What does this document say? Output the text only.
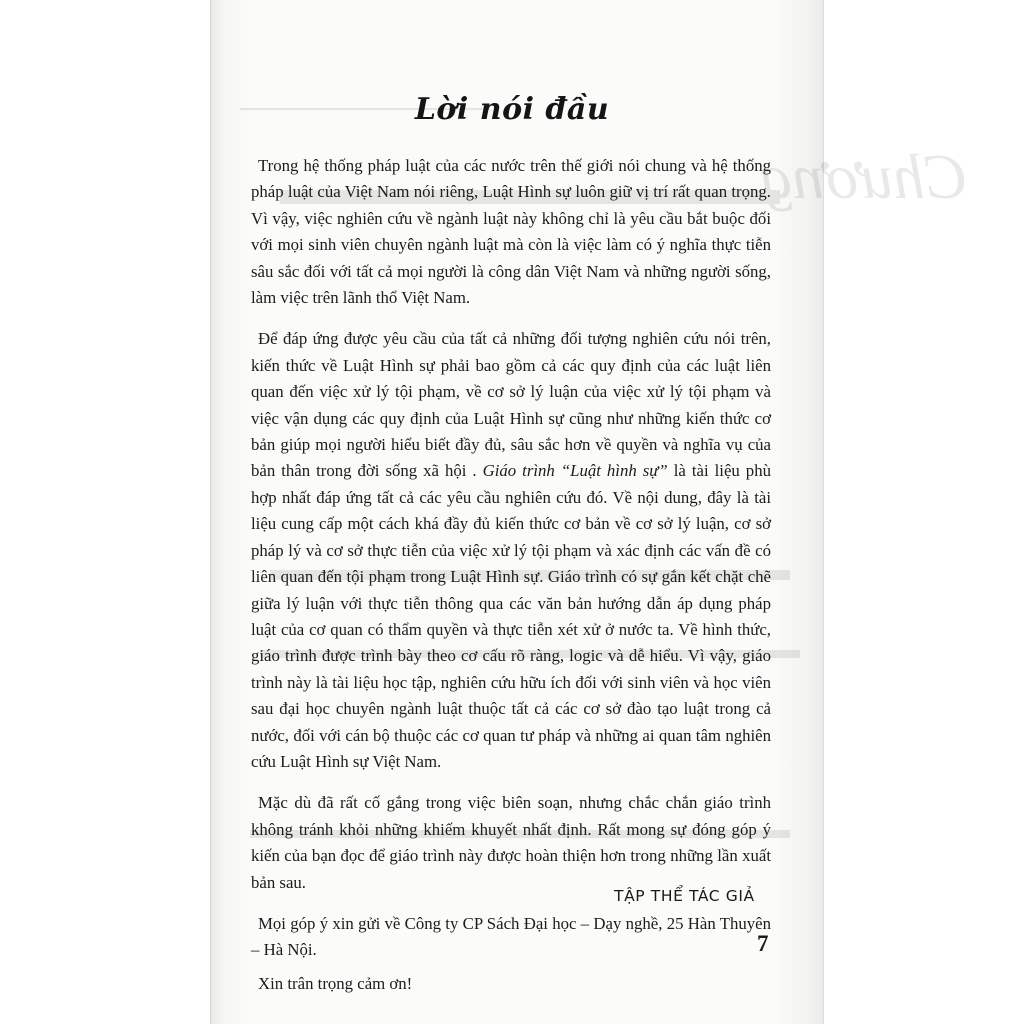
Chương
Lời nói đầu

Trong hệ thống pháp luật của các nước trên thế giới nói chung và hệ thống pháp luật của Việt Nam nói riêng, Luật Hình sự luôn giữ vị trí rất quan trọng. Vì vậy, việc nghiên cứu về ngành luật này không chỉ là yêu cầu bắt buộc đối với mọi sinh viên chuyên ngành luật mà còn là việc làm có ý nghĩa thực tiễn sâu sắc đối với tất cả mọi người là công dân Việt Nam và những người sống, làm việc trên lãnh thổ Việt Nam.

Để đáp ứng được yêu cầu của tất cả những đối tượng nghiên cứu nói trên, kiến thức về Luật Hình sự phải bao gồm cả các quy định của các luật liên quan đến việc xử lý tội phạm, về cơ sở lý luận của việc xử lý tội phạm và việc vận dụng các quy định của Luật Hình sự cũng như những kiến thức cơ bản giúp mọi người hiểu biết đầy đủ, sâu sắc hơn về quyền và nghĩa vụ của bản thân trong đời sống xã hội . Giáo trình “Luật hình sự” là tài liệu phù hợp nhất đáp ứng tất cả các yêu cầu nghiên cứu đó. Về nội dung, đây là tài liệu cung cấp một cách khá đầy đủ kiến thức cơ bản về cơ sở lý luận, cơ sở pháp lý và cơ sở thực tiễn của việc xử lý tội phạm và xác định các vấn đề có liên quan đến tội phạm trong Luật Hình sự. Giáo trình có sự gắn kết chặt chẽ giữa lý luận với thực tiễn thông qua các văn bản hướng dẫn áp dụng pháp luật của cơ quan có thẩm quyền và thực tiễn xét xử ở nước ta. Về hình thức, giáo trình được trình bày theo cơ cấu rõ ràng, logic và dễ hiểu. Vì vậy, giáo trình này là tài liệu học tập, nghiên cứu hữu ích đối với sinh viên và học viên sau đại học chuyên ngành luật thuộc tất cả các cơ sở đào tạo luật trong cả nước, đối với cán bộ thuộc các cơ quan tư pháp và những ai quan tâm nghiên cứu Luật Hình sự Việt Nam.

Mặc dù đã rất cố gắng trong việc biên soạn, nhưng chắc chắn giáo trình không tránh khỏi những khiếm khuyết nhất định. Rất mong sự đóng góp ý kiến của bạn đọc để giáo trình này được hoàn thiện hơn trong những lần xuất bản sau.

Mọi góp ý xin gửi về Công ty CP Sách Đại học – Dạy nghề, 25 Hàn Thuyên – Hà Nội.

Xin trân trọng cảm ơn!

TẬP THỂ TÁC GIẢ
7
